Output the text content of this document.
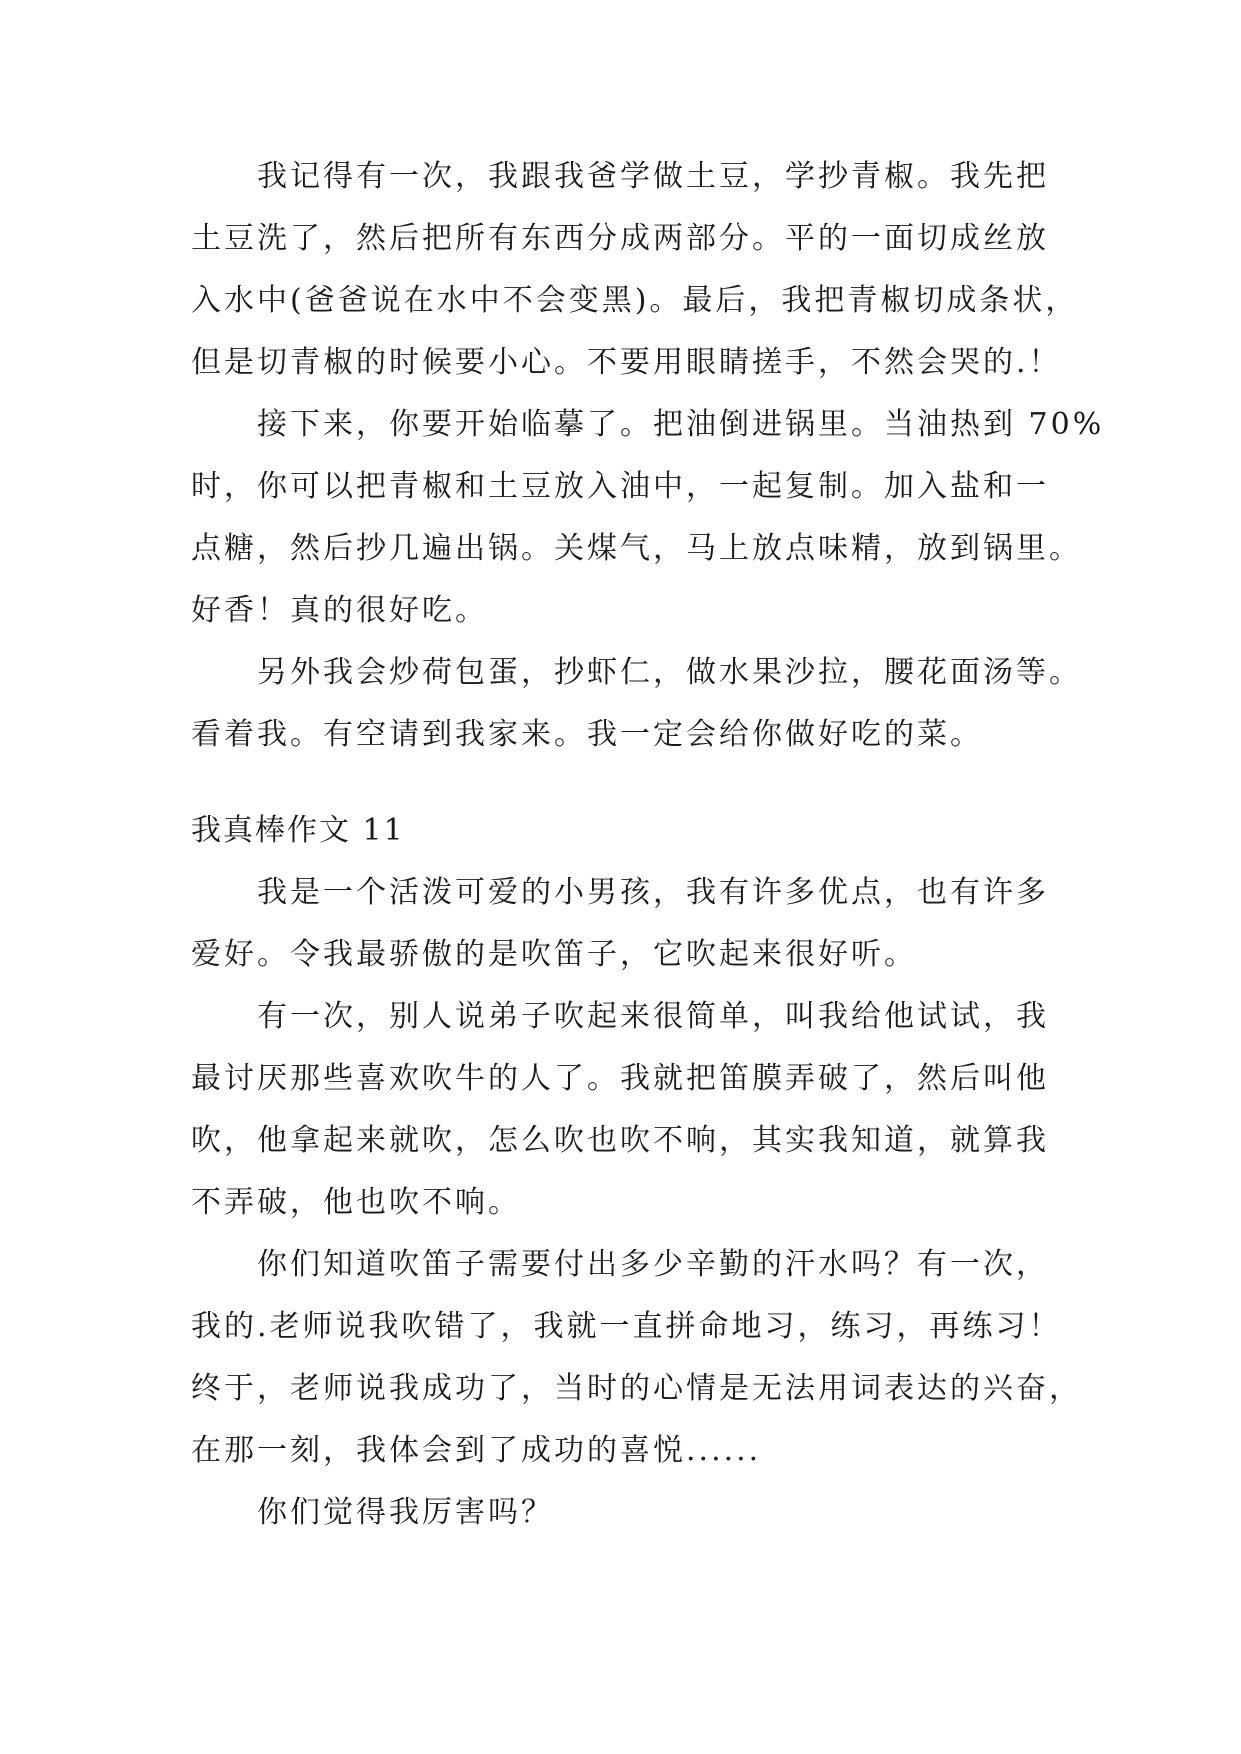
我记得有一次，我跟我爸学做土豆，学抄青椒。我先把
土豆洗了，然后把所有东西分成两部分。平的一面切成丝放
入水中(爸爸说在水中不会变黑)。最后，我把青椒切成条状，
但是切青椒的时候要小心。不要用眼睛搓手，不然会哭的.！
接下来，你要开始临摹了。把油倒进锅里。当油热到 70%
时，你可以把青椒和土豆放入油中，一起复制。加入盐和一
点糖，然后抄几遍出锅。关煤气，马上放点味精，放到锅里。
好香！真的很好吃。
另外我会炒荷包蛋，抄虾仁，做水果沙拉，腰花面汤等。
看着我。有空请到我家来。我一定会给你做好吃的菜。
我真棒作文 11
我是一个活泼可爱的小男孩，我有许多优点，也有许多
爱好。令我最骄傲的是吹笛子，它吹起来很好听。
有一次，别人说弟子吹起来很简单，叫我给他试试，我
最讨厌那些喜欢吹牛的人了。我就把笛膜弄破了，然后叫他
吹，他拿起来就吹，怎么吹也吹不响，其实我知道，就算我
不弄破，他也吹不响。
你们知道吹笛子需要付出多少辛勤的汗水吗？有一次，
我的.老师说我吹错了，我就一直拼命地习，练习，再练习！
终于，老师说我成功了，当时的心情是无法用词表达的兴奋，
在那一刻，我体会到了成功的喜悦......
你们觉得我厉害吗？
